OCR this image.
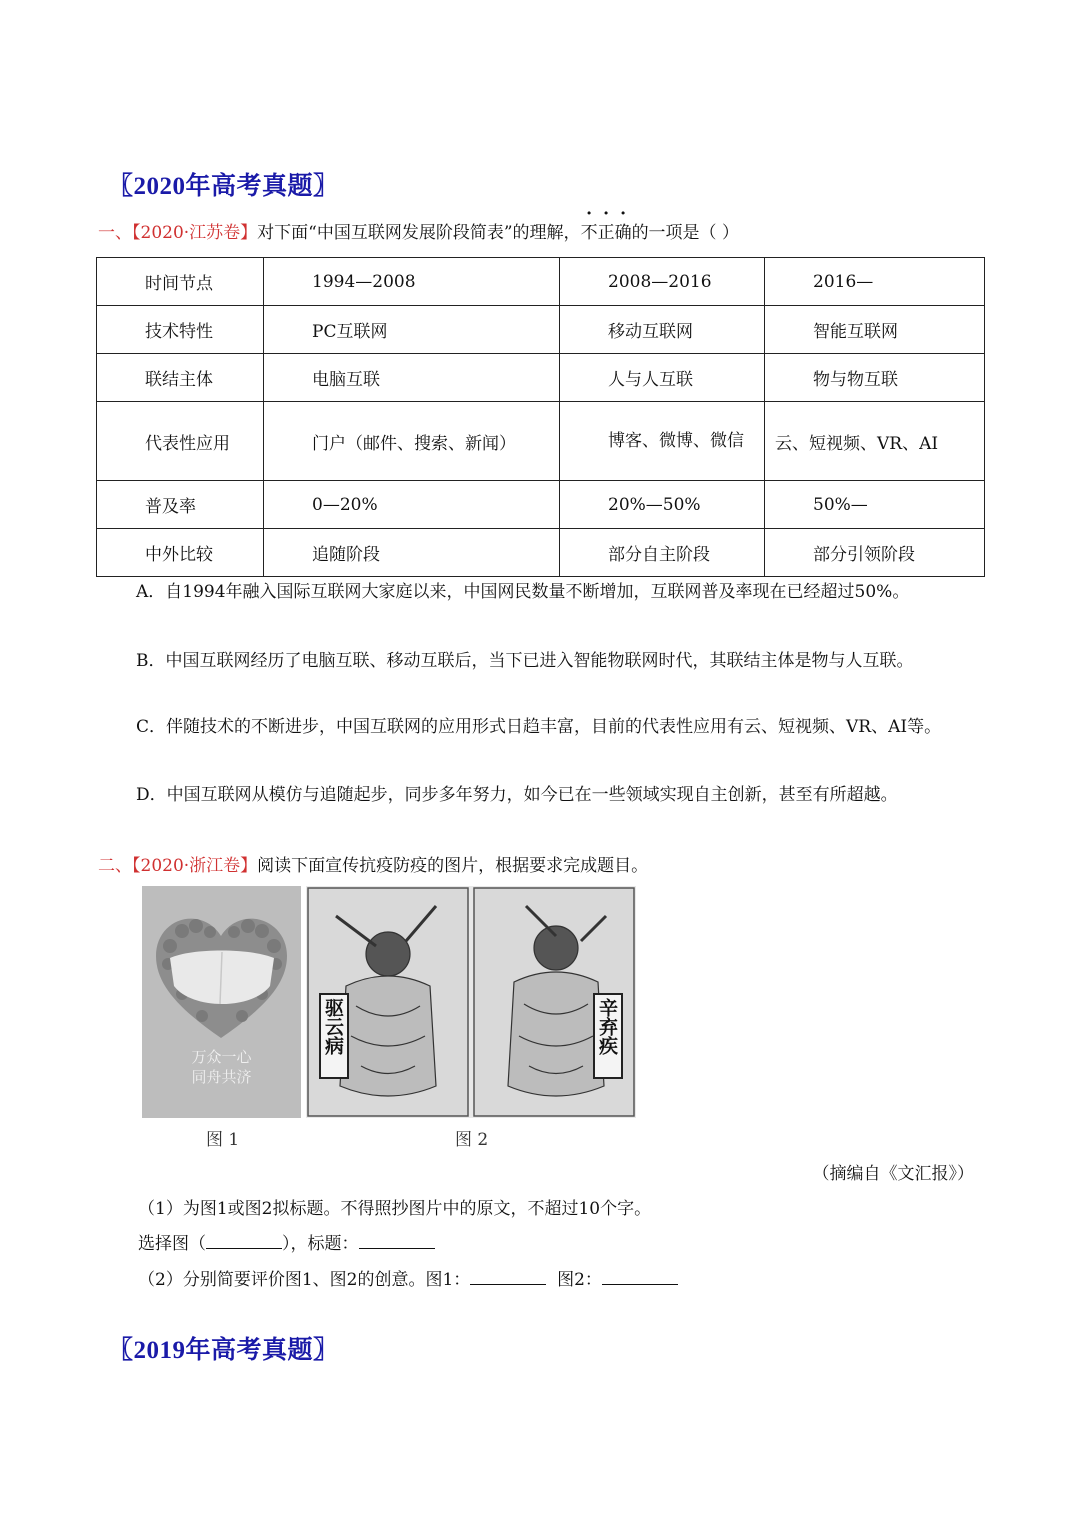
〖2020年高考真题〗
一、【2020·江苏卷】对下面“中国互联网发展阶段简表”的理解，不正确的一项是（ ）
时间节点	1994—2008	2008—2016	2016—
技术特性	PC互联网	移动互联网	智能互联网
联结主体	电脑互联	人与人互联	物与物互联
代表性应用	门户（邮件、搜索、新闻）	博客、微博、微信	云、短视频、VR、AI
普及率	0—20%	20%—50%	50%—
中外比较	追随阶段	部分自主阶段	部分引领阶段
A．自1994年融入国际互联网大家庭以来，中国网民数量不断增加，互联网普及率现在已经超过50%。
B．中国互联网经历了电脑互联、移动互联后，当下已进入智能物联网时代，其联结主体是物与人互联。
C．伴随技术的不断进步，中国互联网的应用形式日趋丰富，目前的代表性应用有云、短视频、VR、AI等。
D．中国互联网从模仿与追随起步，同步多年努力，如今已在一些领域实现自主创新，甚至有所超越。
二、【2020·浙江卷】阅读下面宣传抗疫防疫的图片，根据要求完成题目。
万众一心
同舟共济
图 1
驱云病	辛弃疾
图 2
（摘编自《文汇报》）
（1）为图1或图2拟标题。不得照抄图片中的原文，不超过10个字。
选择图（	），标题：
（2）分别简要评价图1、图2的创意。图1：	图2：
〖2019年高考真题〗
